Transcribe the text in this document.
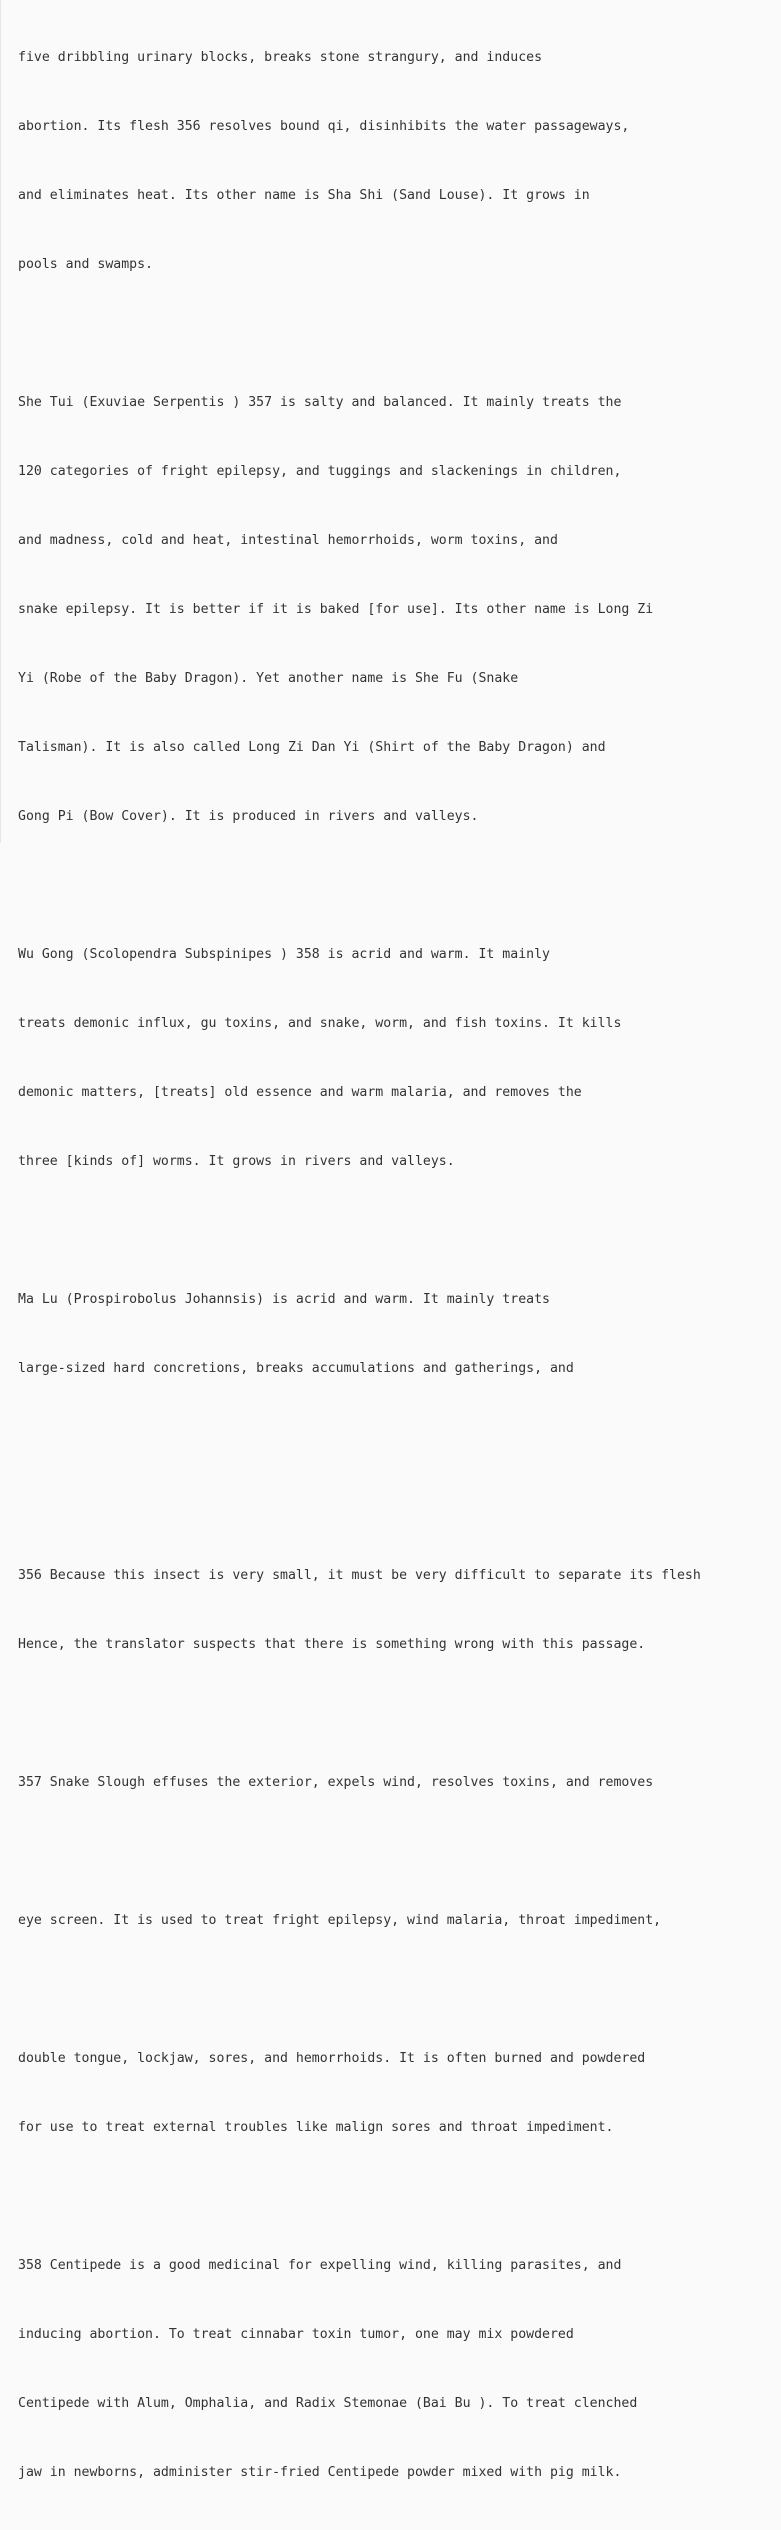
five dribbling urinary blocks, breaks stone strangury, and induces

abortion. Its flesh 356 resolves bound qi, disinhibits the water passageways,

and eliminates heat. Its other name is Sha Shi (Sand Louse). It grows in

pools and swamps.

She Tui (Exuviae Serpentis ) 357 is salty and balanced. It mainly treats the

120 categories of fright epilepsy, and tuggings and slackenings in children,

and madness, cold and heat, intestinal hemorrhoids, worm toxins, and

snake epilepsy. It is better if it is baked [for use]. Its other name is Long Zi

Yi (Robe of the Baby Dragon). Yet another name is She Fu (Snake

Talisman). It is also called Long Zi Dan Yi (Shirt of the Baby Dragon) and

Gong Pi (Bow Cover). It is produced in rivers and valleys.

Wu Gong (Scolopendra Subspinipes ) 358 is acrid and warm. It mainly

treats demonic influx, gu toxins, and snake, worm, and fish toxins. It kills

demonic matters, [treats] old essence and warm malaria, and removes the

three [kinds of] worms. It grows in rivers and valleys.

Ma Lu (Prospirobolus Johannsis) is acrid and warm. It mainly treats

large-sized hard concretions, breaks accumulations and gatherings, and

356 Because this insect is very small, it must be very difficult to separate its flesh

Hence, the translator suspects that there is something wrong with this passage.

357 Snake Slough effuses the exterior, expels wind, resolves toxins, and removes

eye screen. It is used to treat fright epilepsy, wind malaria, throat impediment,

double tongue, lockjaw, sores, and hemorrhoids. It is often burned and powdered

for use to treat external troubles like malign sores and throat impediment.

358 Centipede is a good medicinal for expelling wind, killing parasites, and

inducing abortion. To treat cinnabar toxin tumor, one may mix powdered

Centipede with Alum, Omphalia, and Radix Stemonae (Bai Bu ). To treat clenched

jaw in newborns, administer stir-fried Centipede powder mixed with pig milk.
